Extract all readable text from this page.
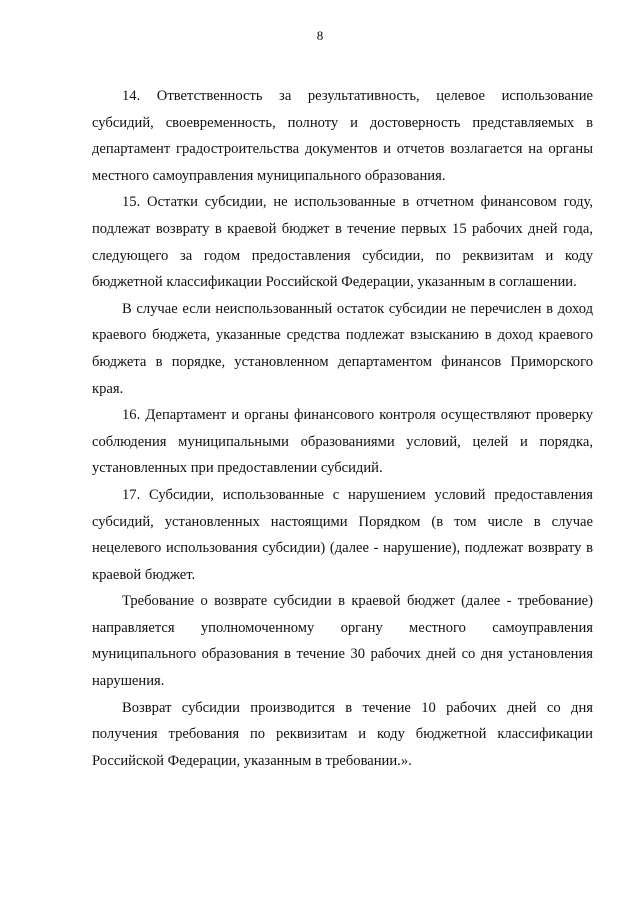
8

14. Ответственность за результативность, целевое использование субсидий, своевременность, полноту и достоверность представляемых в департамент градостроительства документов и отчетов возлагается на органы местного самоуправления муниципального образования.

15. Остатки субсидии, не использованные в отчетном финансовом году, подлежат возврату в краевой бюджет в течение первых 15 рабочих дней года, следующего за годом предоставления субсидии, по реквизитам и коду бюджетной классификации Российской Федерации, указанным в соглашении.

В случае если неиспользованный остаток субсидии не перечислен в доход краевого бюджета, указанные средства подлежат взысканию в доход краевого бюджета в порядке, установленном департаментом финансов Приморского края.

16. Департамент и органы финансового контроля осуществляют проверку соблюдения муниципальными образованиями условий, целей и порядка, установленных при предоставлении субсидий.

17. Субсидии, использованные с нарушением условий предоставления субсидий, установленных настоящими Порядком (в том числе в случае нецелевого использования субсидии) (далее - нарушение), подлежат возврату в краевой бюджет.

Требование о возврате субсидии в краевой бюджет (далее - требование) направляется уполномоченному органу местного самоуправления муниципального образования в течение 30 рабочих дней со дня установления нарушения.

Возврат субсидии производится в течение 10 рабочих дней со дня получения требования по реквизитам и коду бюджетной классификации Российской Федерации, указанным в требовании.».
